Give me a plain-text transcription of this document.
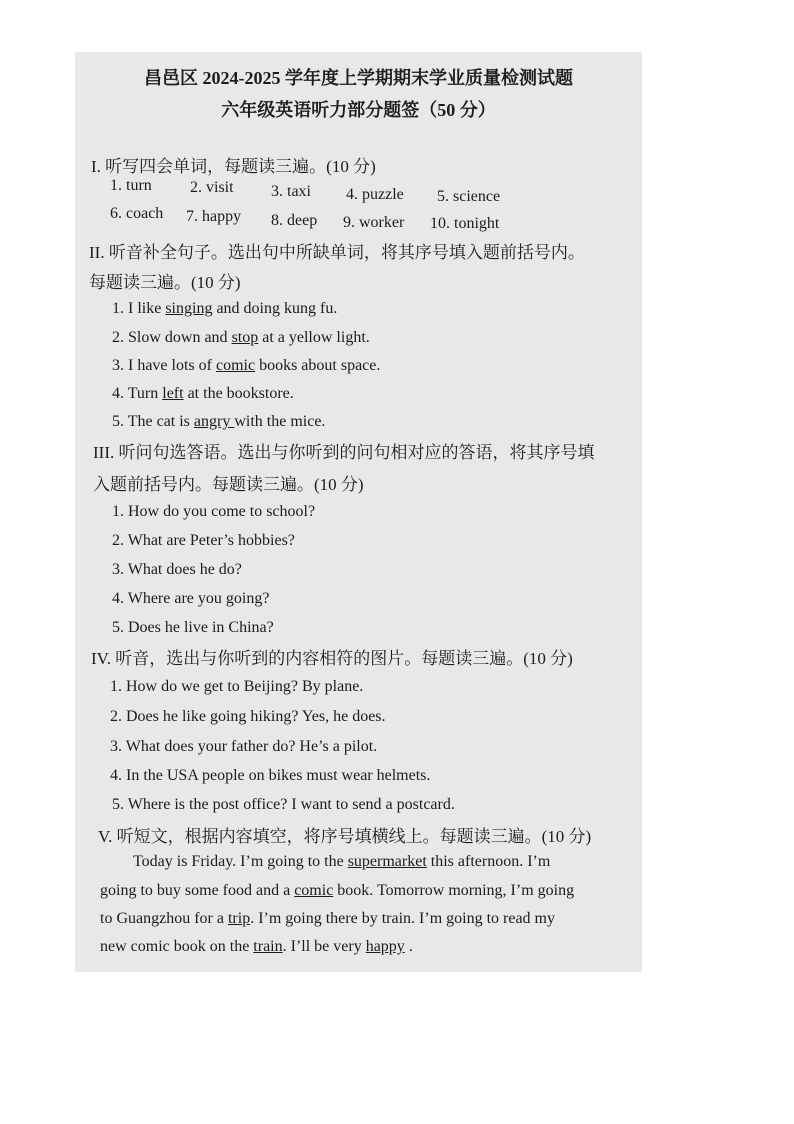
昌邑区 2024-2025 学年度上学期期末学业质量检测试题
六年级英语听力部分题签（50 分）
I. 听写四会单词，每题读三遍。(10 分)
1. turn 2. visit 3. taxi 4. puzzle 5. science
6. coach 7. happy 8. deep 9. worker 10. tonight
II. 听音补全句子。选出句中所缺单词，将其序号填入题前括号内。
每题读三遍。(10 分)
1. I like singing and doing kung fu.
2. Slow down and stop at a yellow light.
3. I have lots of comic books about space.
4. Turn left at the bookstore.
5. The cat is angry with the mice.
III. 听问句选答语。选出与你听到的问句相对应的答语，将其序号填
入题前括号内。每题读三遍。(10 分)
1. How do you come to school?
2. What are Peter’s hobbies?
3. What does he do?
4. Where are you going?
5. Does he live in China?
IV. 听音，选出与你听到的内容相符的图片。每题读三遍。(10 分)
1. How do we get to Beijing? By plane.
2. Does he like going hiking? Yes, he does.
3. What does your father do? He’s a pilot.
4. In the USA people on bikes must wear helmets.
5. Where is the post office? I want to send a postcard.
V. 听短文，根据内容填空，将序号填横线上。每题读三遍。(10 分)
Today is Friday. I’m going to the supermarket this afternoon. I’m
going to buy some food and a comic book. Tomorrow morning, I’m going
to Guangzhou for a trip. I’m going there by train. I’m going to read my
new comic book on the train. I’ll be very happy .
